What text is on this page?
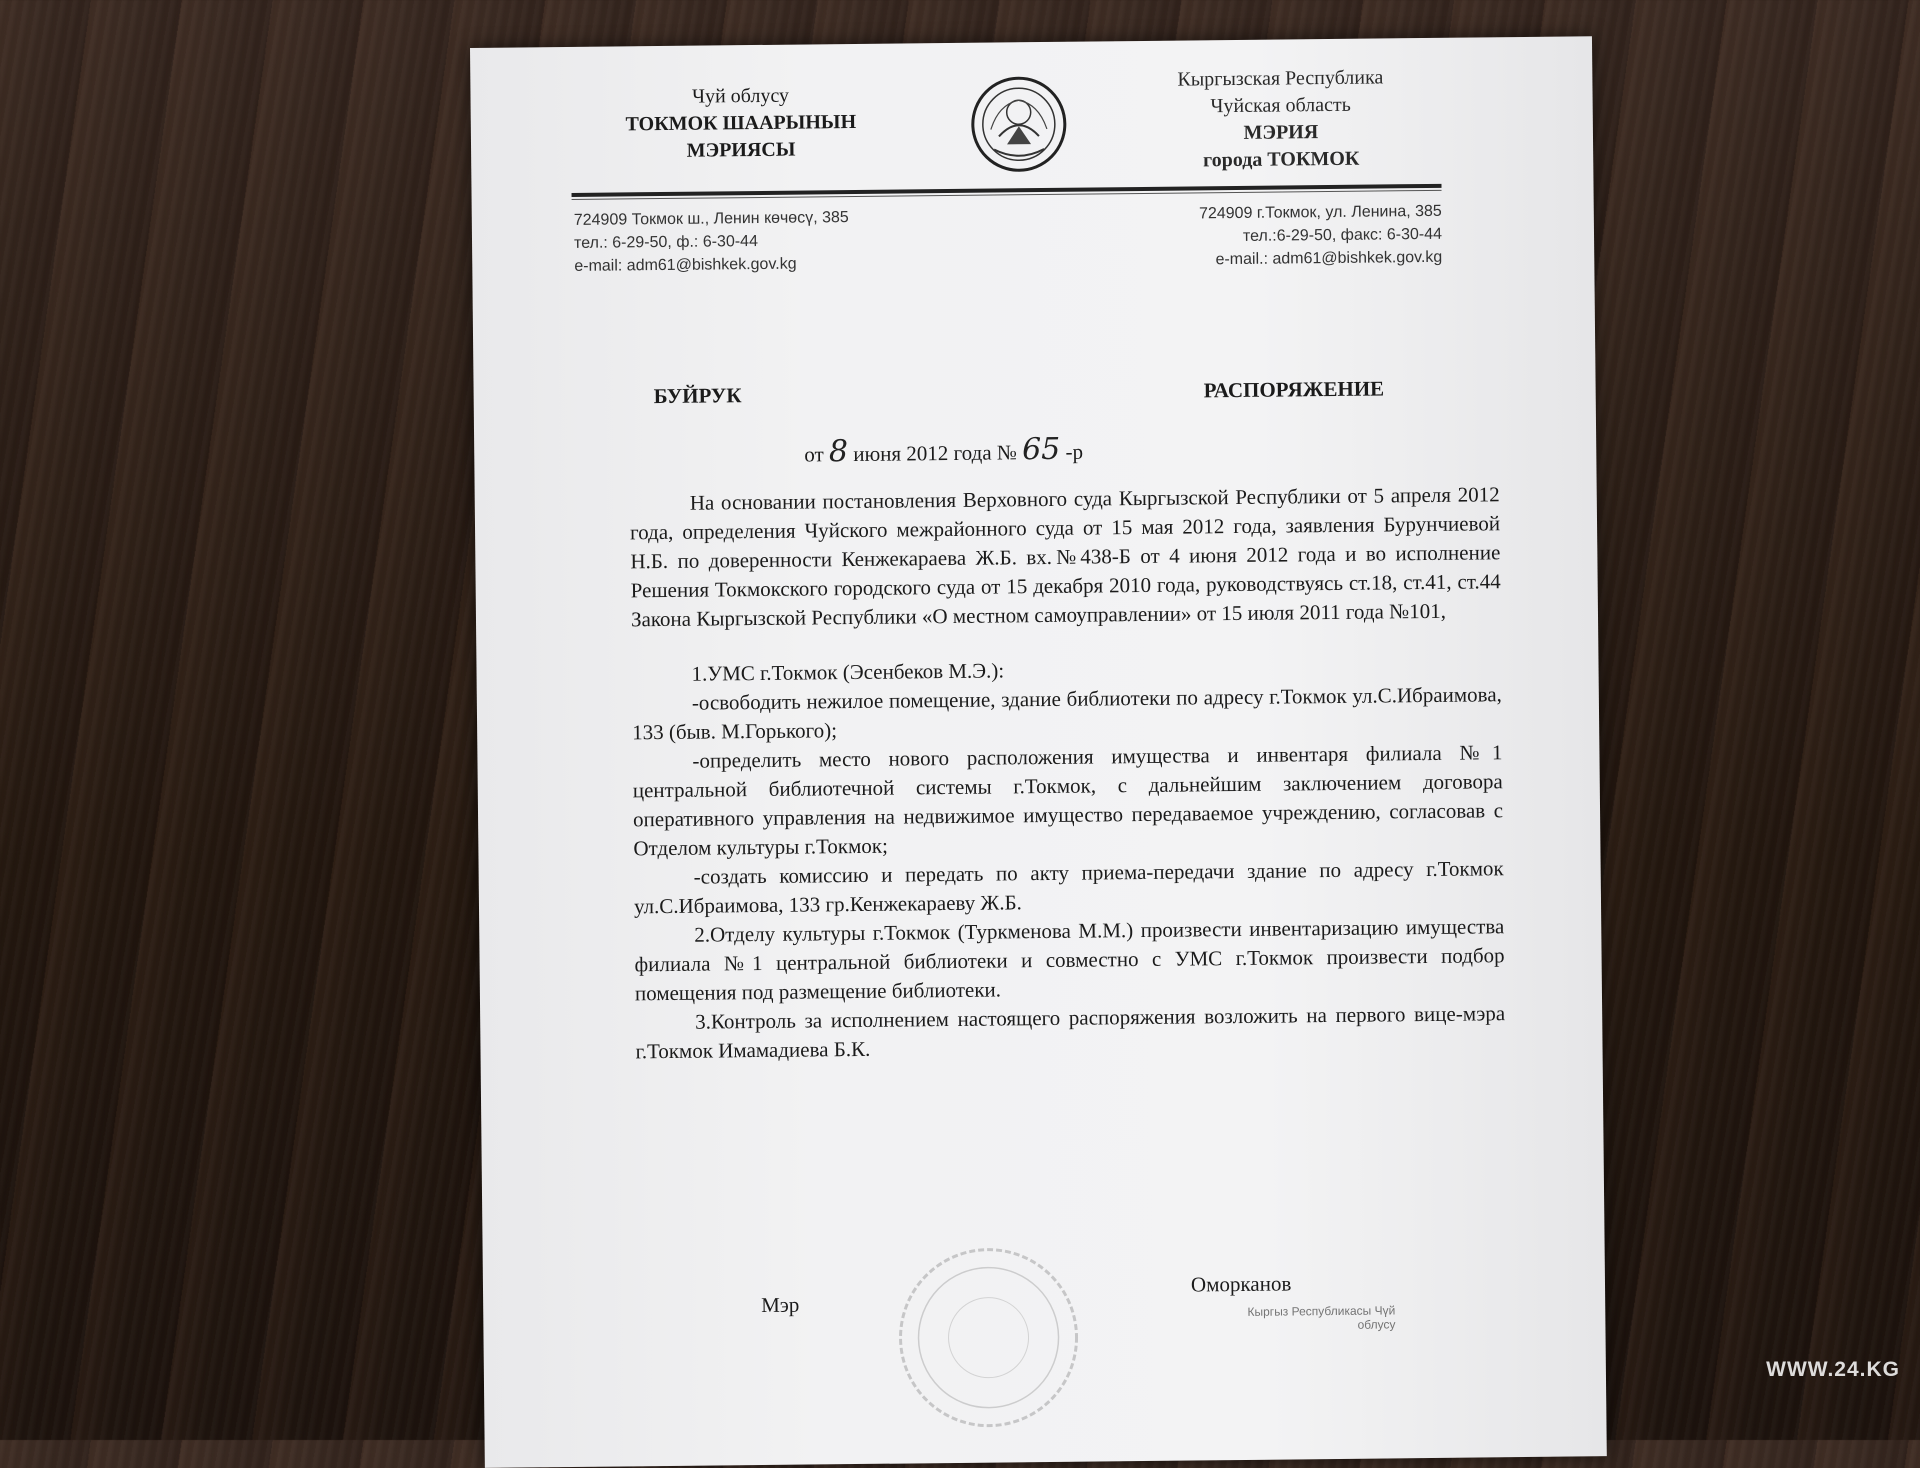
Чуй облусу
ТОКМОК ШААРЫНЫН
МЭРИЯСЫ
Кыргызская Республика
Чуйская область
МЭРИЯ
города ТОКМОК
724909 Токмок ш., Ленин көчөсү, 385
тел.: 6-29-50, ф.: 6-30-44
e-mail: adm61@bishkek.gov.kg
724909 г.Токмок, ул. Ленина, 385
тел.:6-29-50, факс: 6-30-44
e-mail.: adm61@bishkek.gov.kg
БУЙРУК	РАСПОРЯЖЕНИЕ
от 8 июня 2012 года № 65 -р

На основании постановления Верховного суда Кыргызской Республики от 5 апреля 2012 года, определения Чуйского межрайонного суда от 15 мая 2012 года, заявления Бурунчиевой Н.Б. по доверенности Кенжекараева Ж.Б. вх.№438-Б от 4 июня 2012 года и во исполнение Решения Токмокского городского суда от 15 декабря 2010 года, руководствуясь ст.18, ст.41, ст.44 Закона Кыргызской Республики «О местном самоуправлении» от 15 июля 2011 года №101,

1.УМС г.Токмок (Эсенбеков М.Э.):

-освободить нежилое помещение, здание библиотеки по адресу г.Токмок ул.С.Ибраимова, 133 (быв. М.Горького);

-определить место нового расположения имущества и инвентаря филиала №1 центральной библиотечной системы г.Токмок, с дальнейшим заключением договора оперативного управления на недвижимое имущество передаваемое учреждению, согласовав с Отделом культуры г.Токмок;

-создать комиссию и передать по акту приема-передачи здание по адресу г.Токмок ул.С.Ибраимова, 133 гр.Кенжекараеву Ж.Б.

2.Отделу культуры г.Токмок (Туркменова М.М.) произвести инвентаризацию имущества филиала №1 центральной библиотеки и совместно с УМС г.Токмок произвести подбор помещения под размещение библиотеки.

3.Контроль за исполнением настоящего распоряжения возложить на первого вице-мэра г.Токмок Имамадиева Б.К.

Мэр
Оморканов
Кыргыз Республикасы Чүй облусу
WWW.24.KG
